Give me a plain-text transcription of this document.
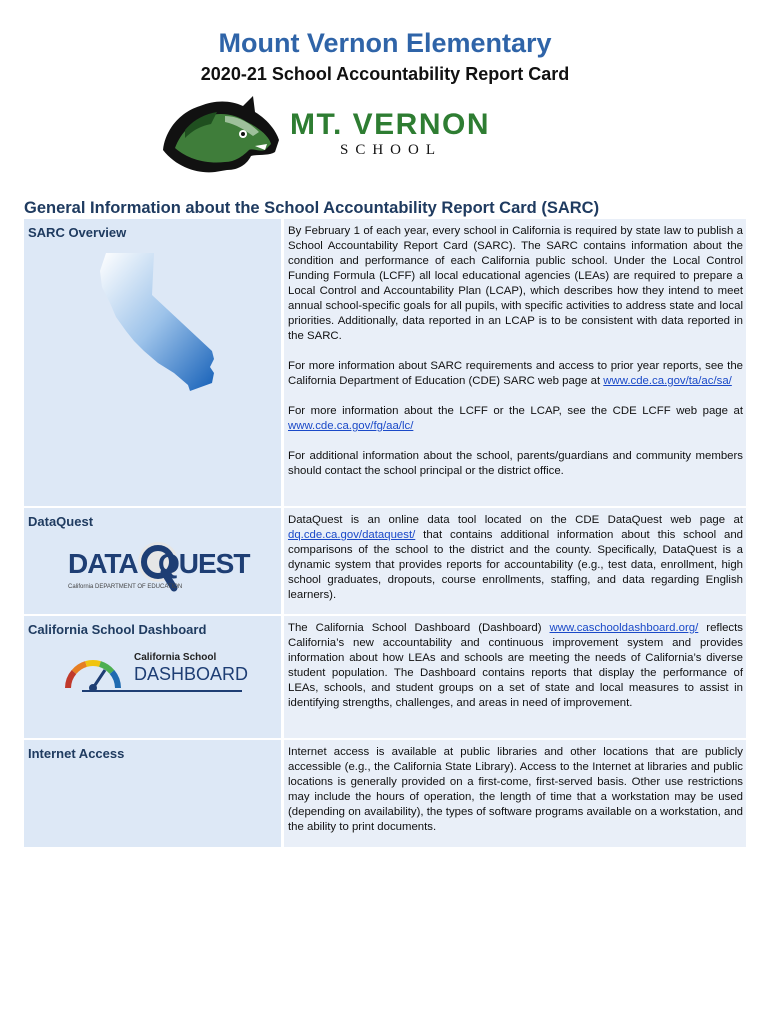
Mount Vernon Elementary
2020-21 School Accountability Report Card
MT. VERNON
SCHOOL
General Information about the School Accountability Report Card (SARC)
SARC Overview	By February 1 of each year, every school in California is required by state law to publish a School Accountability Report Card (SARC). The SARC contains information about the condition and performance of each California public school. Under the Local Control Funding Formula (LCFF) all local educational agencies (LEAs) are required to prepare a Local Control and Accountability Plan (LCAP), which describes how they intend to meet annual school-specific goals for all pupils, with specific activities to address state and local priorities. Additionally, data reported in an LCAP is to be consistent with data reported in the SARC.

For more information about SARC requirements and access to prior year reports, see the California Department of Education (CDE) SARC web page at www.cde.ca.gov/ta/ac/sa/

For more information about the LCFF or the LCAP, see the CDE LCFF web page at www.cde.ca.gov/fg/aa/lc/

For additional information about the school, parents/guardians and community members should contact the school principal or the district office.

DataQuest
DATA QUEST
California DEPARTMENT OF EDUCATION

DataQuest is an online data tool located on the CDE DataQuest web page at dq.cde.ca.gov/dataquest/ that contains additional information about this school and comparisons of the school to the district and the county. Specifically, DataQuest is a dynamic system that provides reports for accountability (e.g., test data, enrollment, high school graduates, dropouts, course enrollments, staffing, and data regarding English learners).

California School Dashboard
California School
DASHBOARD

The California School Dashboard (Dashboard) www.caschooldashboard.org/ reflects California’s new accountability and continuous improvement system and provides information about how LEAs and schools are meeting the needs of California’s diverse student population. The Dashboard contains reports that display the performance of LEAs, schools, and student groups on a set of state and local measures to assist in identifying strengths, challenges, and areas in need of improvement.

Internet Access	Internet access is available at public libraries and other locations that are publicly accessible (e.g., the California State Library). Access to the Internet at libraries and public locations is generally provided on a first-come, first-served basis. Other use restrictions may include the hours of operation, the length of time that a workstation may be used (depending on availability), the types of software programs available on a workstation, and the ability to print documents.
